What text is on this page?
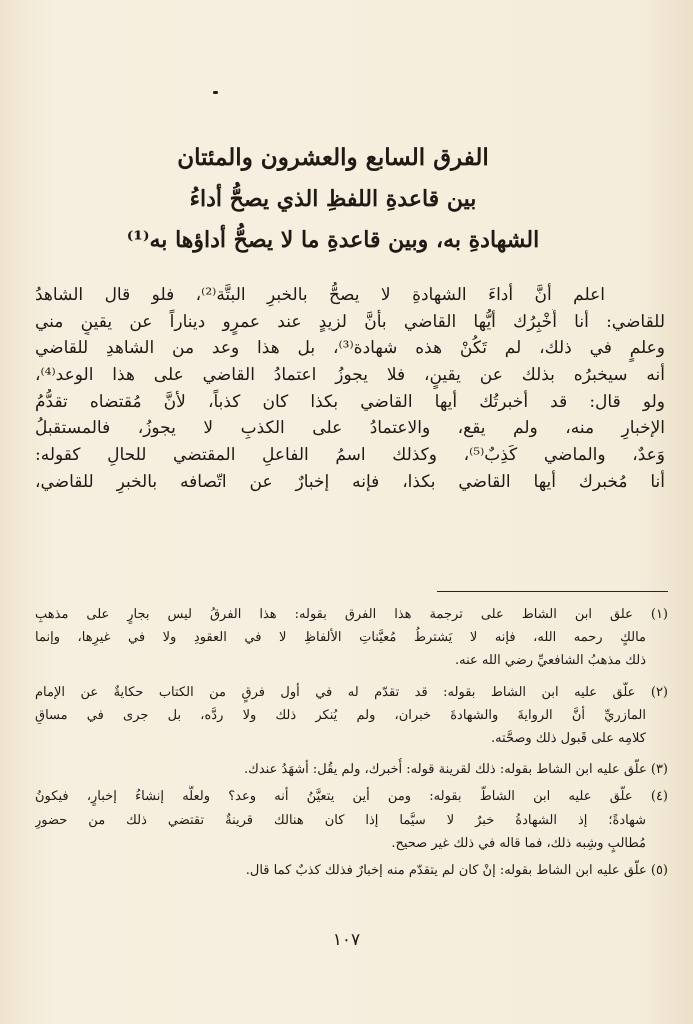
الفرق السابع والعشرون والمئتان
بين قاعدةِ اللفظِ الذي يصحُّ أداءُ
الشهادةِ به، وبين قاعدةِ ما لا يصحُّ أداؤها به⁽¹⁾
اعلم أنَّ أداءَ الشهادةِ لا يصحُّ بالخبرِ البتَّة⁽²⁾، فلو قال الشاهدُ
للقاضي: أنا أُخْبِرُك أيُّها القاضي بأنَّ لزيدٍ عند عمرٍو ديناراً عن يقينٍ مني
وعلمٍ في ذلك، لم تَكُنْ هذه شهادة⁽³⁾، بل هذا وعد من الشاهدِ للقاضي
أنه سيخبرُه بذلك عن يقينٍ، فلا يجوزُ اعتمادُ القاضي على هذا الوعد⁽⁴⁾،
ولو قال: قد أخبرتُك أيها القاضي بكذا كان كذباً، لأنَّ مُقتضاه تقدُّمُ
الإخبارِ منه، ولم يقع، والاعتمادُ على الكذبِ لا يجوزُ، فالمستقبلُ
وَعدٌ، والماضي كَذِبٌ⁽⁵⁾، وكذلك اسمُ الفاعلِ المقتضي للحالِ كقوله:
أنا مُخبرك أيها القاضي بكذا، فإنه إخبارٌ عن اتّصافه بالخبرِ للقاضي،
(١) علق ابن الشاط على ترجمة هذا الفرق بقوله: هذا الفرقُ ليس بجارٍ على مذهبِ
مالكٍ رحمه الله، فإنه لا يَشترطُ مُعيَّناتِ الألفاظِ لا في العقودِ ولا في غيرِها، وإنما
ذلك مذهبُ الشافعيِّ رضي الله عنه.
(٢) علّق عليه ابن الشاط بقوله: قد تقدّم له في أول فرقٍ من الكتاب حكايةٌ عن الإمام
المازريِّ أنَّ الروايةَ والشهادةَ خبران، ولم يُنكر ذلك ولا ردَّه، بل جرى في مساقِ
كلامِه على قَبول ذلك وصحَّته.
(٣) علّق عليه ابن الشاط بقوله: ذلك لقرينة قوله: أُخبرك، ولم يقُل: أشهَدُ عندك.
(٤) علّق عليه ابن الشاطّ بقوله: ومن أين يتعيَّنُ أنه وعد؟ ولعلَّه إنشاءُ إخبارٍ، فيكونُ
شهادةً؛ إذ الشهادةُ خبرٌ لا سيَّما إذا كان هنالك قرينةٌ تقتضي ذلك من حضورِ
مُطالبٍ وشِبه ذلك، فما قاله في ذلك غير صحيح.
(٥) علّق عليه ابن الشاط بقوله: إنْ كان لم يتقدّم منه إخبارٌ فذلك كذبٌ كما قال.
١٠٧
